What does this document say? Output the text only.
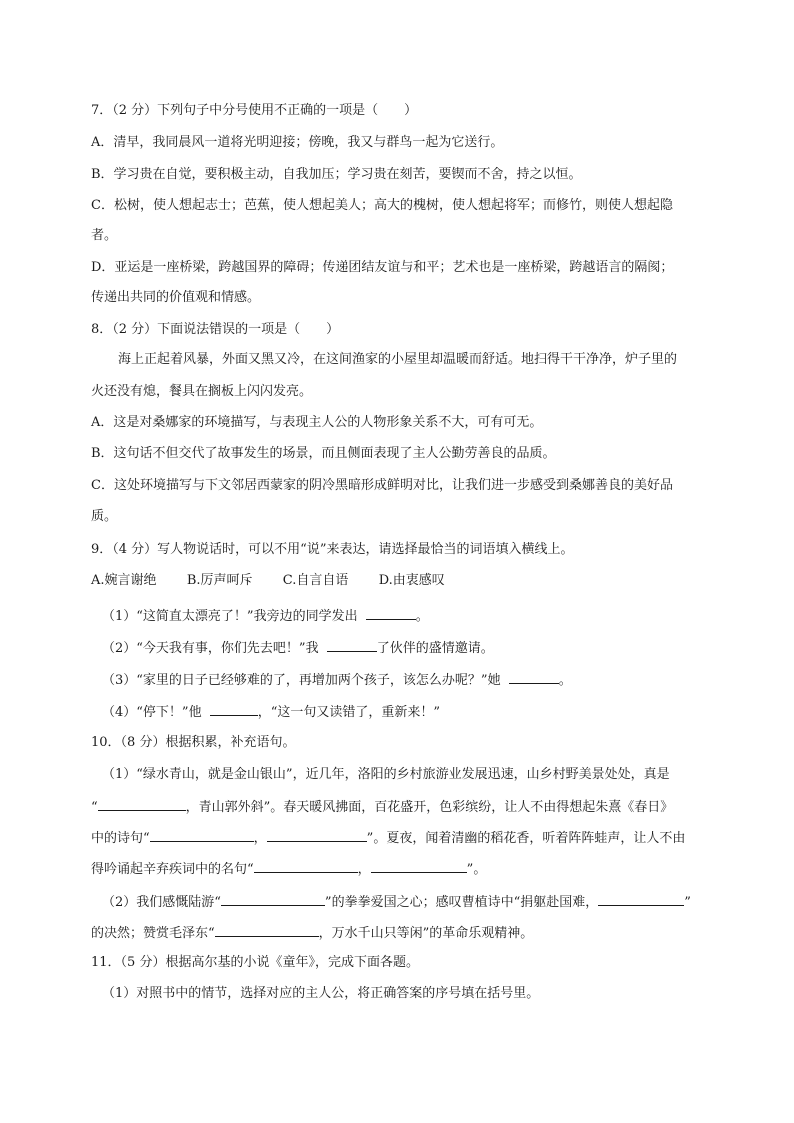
7．（2 分）下列句子中分号使用不正确的一项是（　　）
A．清早，我同晨风一道将光明迎接；傍晚，我又与群鸟一起为它送行。
B．学习贵在自觉，要积极主动，自我加压；学习贵在刻苦，要锲而不舍，持之以恒。
C．松树，使人想起志士；芭蕉，使人想起美人；高大的槐树，使人想起将军；而修竹，则使人想起隐
者。
D．亚运是一座桥梁，跨越国界的障碍；传递团结友谊与和平；艺术也是一座桥梁，跨越语言的隔阂；
传递出共同的价值观和情感。
8．（2 分）下面说法错误的一项是（　　）
海上正起着风暴，外面又黑又冷，在这间渔家的小屋里却温暖而舒适。地扫得干干净净，炉子里的
火还没有熄，餐具在搁板上闪闪发亮。
A．这是对桑娜家的环境描写，与表现主人公的人物形象关系不大，可有可无。
B．这句话不但交代了故事发生的场景，而且侧面表现了主人公勤劳善良的品质。
C．这处环境描写与下文邻居西蒙家的阴冷黑暗形成鲜明对比，让我们进一步感受到桑娜善良的美好品
质。
9．（4 分）写人物说话时，可以不用“说”来表达，请选择最恰当的词语填入横线上。
A.婉言谢绝 B.厉声呵斥 C.自言自语 D.由衷感叹
（1）“这简直太漂亮了！”我旁边的同学发出	。
（2）“今天我有事，你们先去吧！”我	了伙伴的盛情邀请。
（3）“家里的日子已经够难的了，再增加两个孩子，该怎么办呢？”她	。
（4）“停下！”他	，“这一句又读错了，重新来！”
10．（8 分）根据积累，补充语句。
（1）“绿水青山，就是金山银山”，近几年，洛阳的乡村旅游业发展迅速，山乡村野美景处处，真是
“	，青山郭外斜”。春天暖风拂面，百花盛开，色彩缤纷，让人不由得想起朱熹《春日》
中的诗句“	，	”。夏夜，闻着清幽的稻花香，听着阵阵蛙声，让人不由
得吟诵起辛弃疾词中的名句“	，	”。
（2）我们感慨陆游“	”的拳拳爱国之心；感叹曹植诗中“捐躯赴国难，	”
的决然；赞赏毛泽东“	，万水千山只等闲”的革命乐观精神。
11．（5 分）根据高尔基的小说《童年》，完成下面各题。
（1）对照书中的情节，选择对应的主人公，将正确答案的序号填在括号里。
